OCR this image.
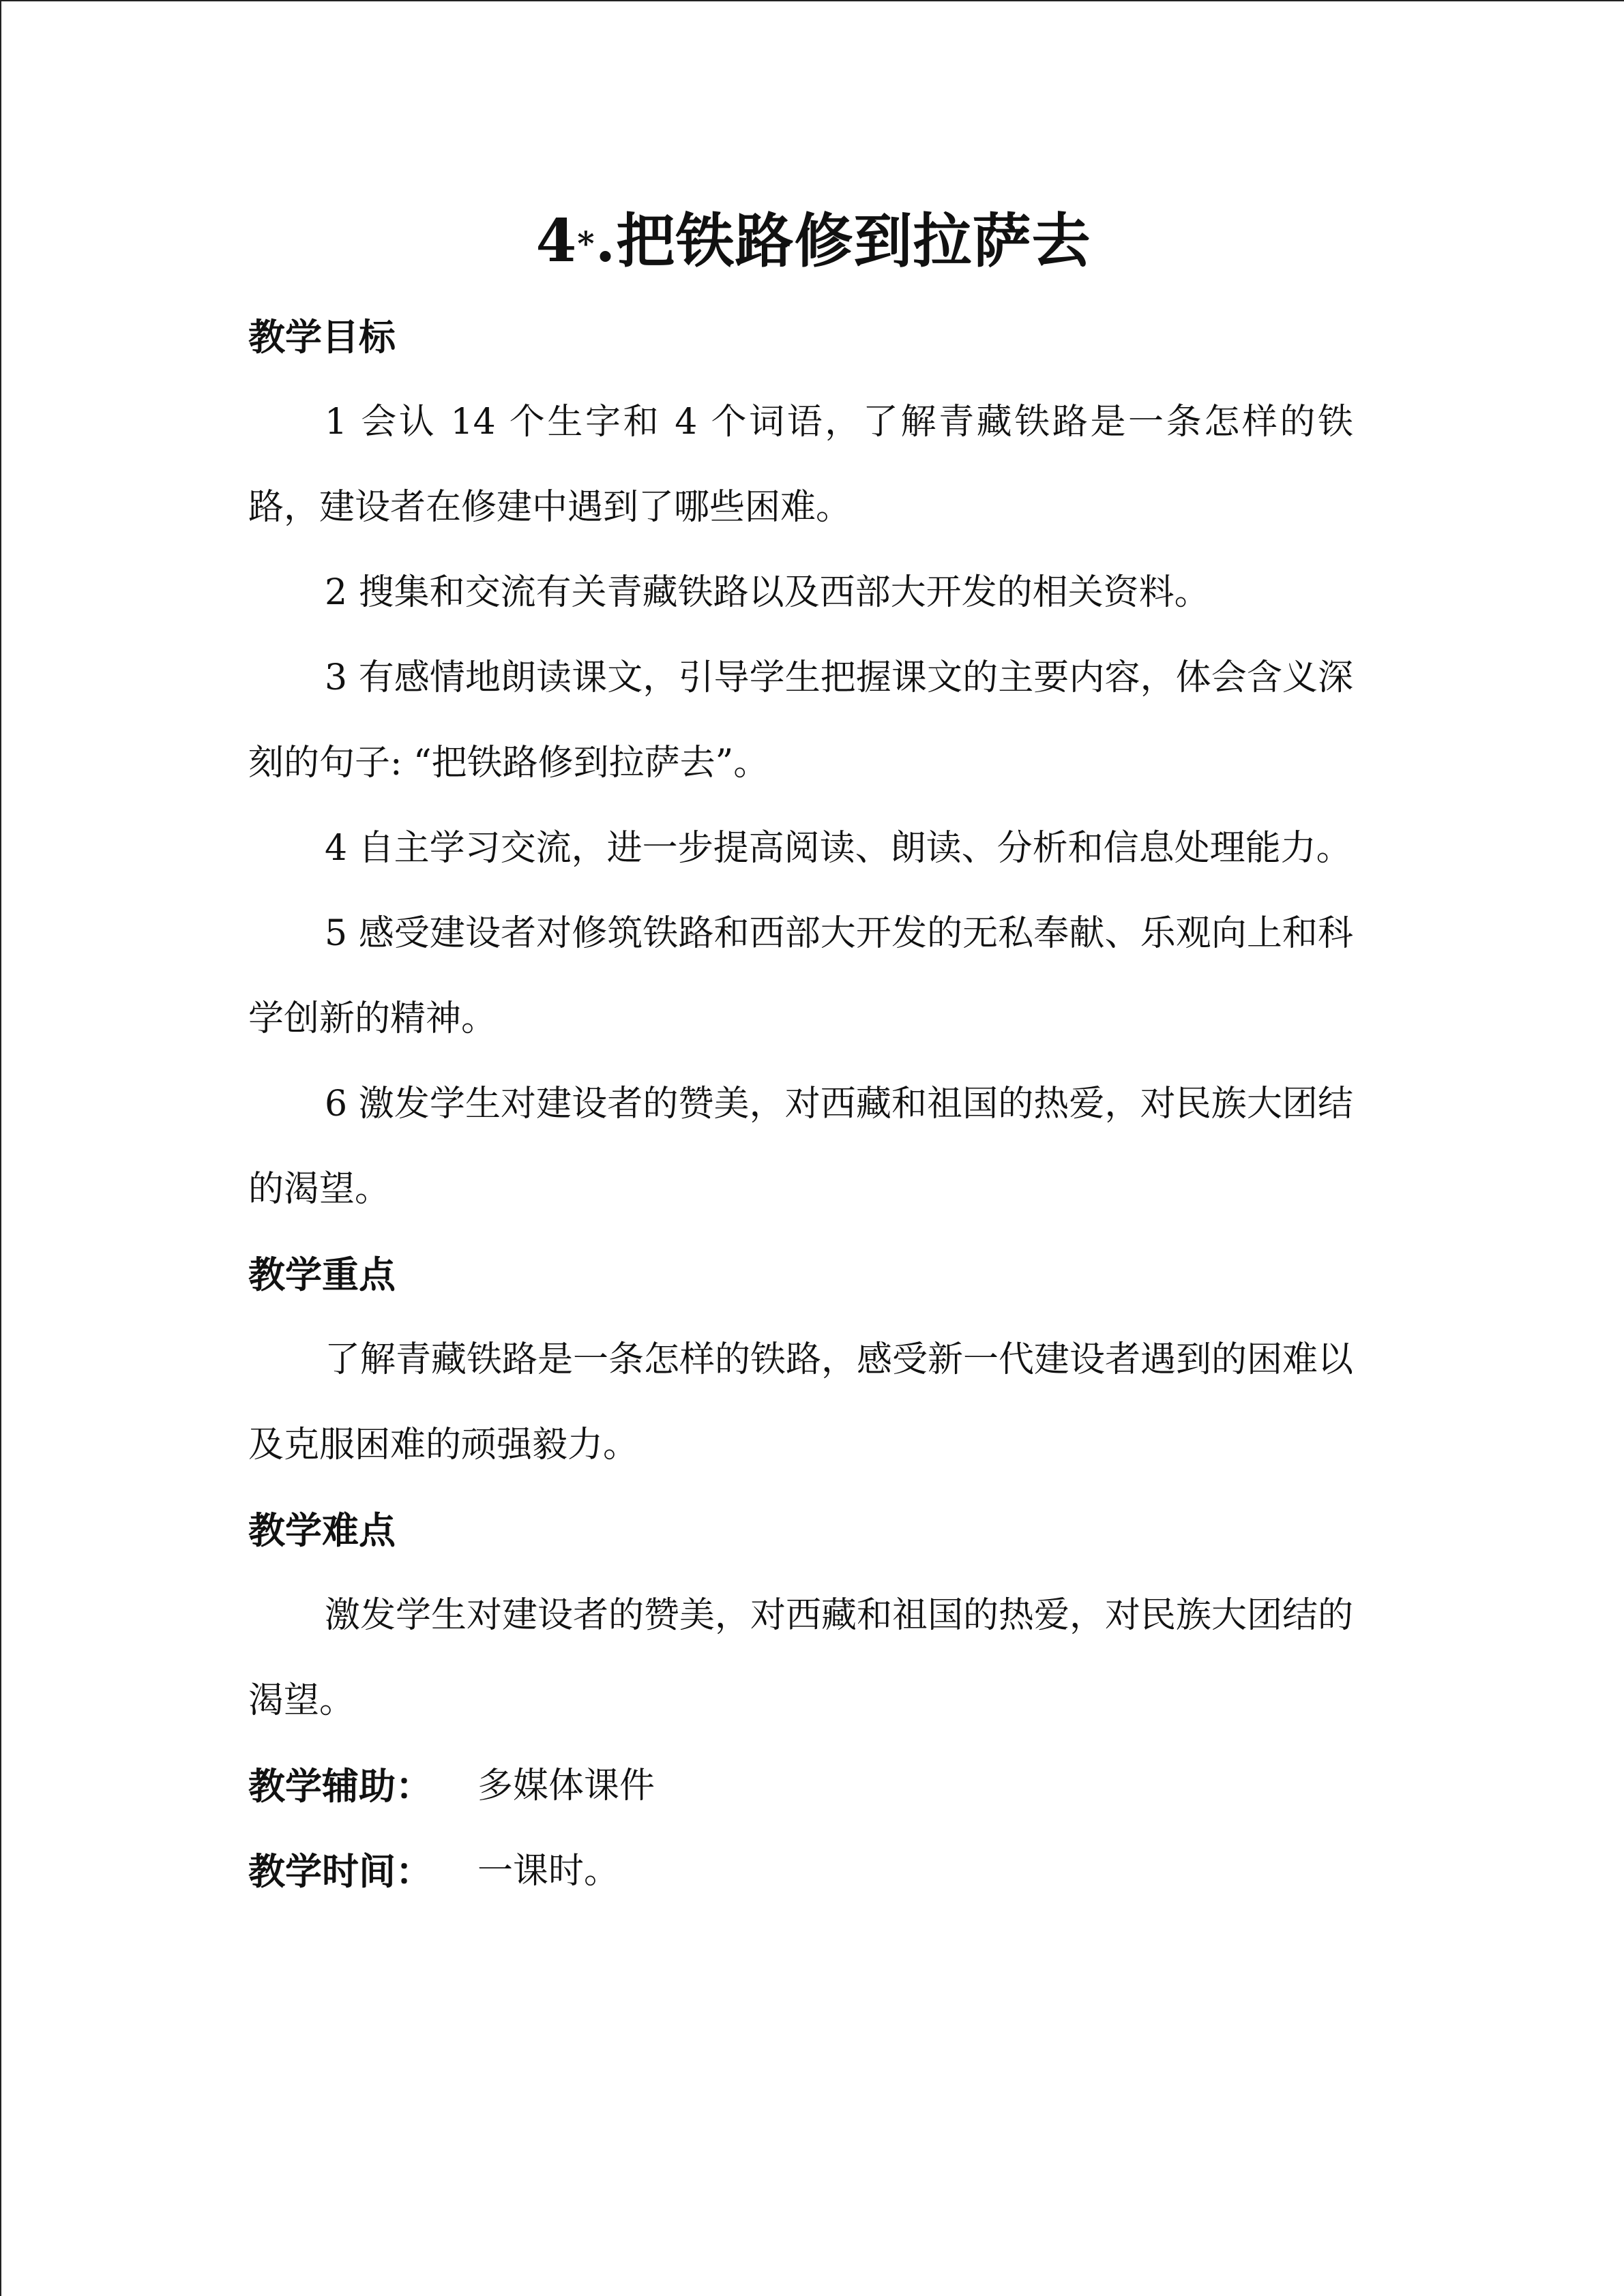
4*.把铁路修到拉萨去

教学目标

1 会认 14 个生字和 4 个词语，了解青藏铁路是一条怎样的铁路，建设者在修建中遇到了哪些困难。

2 搜集和交流有关青藏铁路以及西部大开发的相关资料。

3 有感情地朗读课文，引导学生把握课文的主要内容，体会含义深刻的句子: “把铁路修到拉萨去”。

4 自主学习交流，进一步提高阅读、朗读、分析和信息处理能力。

5 感受建设者对修筑铁路和西部大开发的无私奉献、乐观向上和科学创新的精神。

6 激发学生对建设者的赞美，对西藏和祖国的热爱，对民族大团结的渴望。

教学重点

了解青藏铁路是一条怎样的铁路，感受新一代建设者遇到的困难以及克服困难的顽强毅力。

教学难点

激发学生对建设者的赞美，对西藏和祖国的热爱，对民族大团结的渴望。

教学辅助：	多媒体课件
教学时间：	一课时。
